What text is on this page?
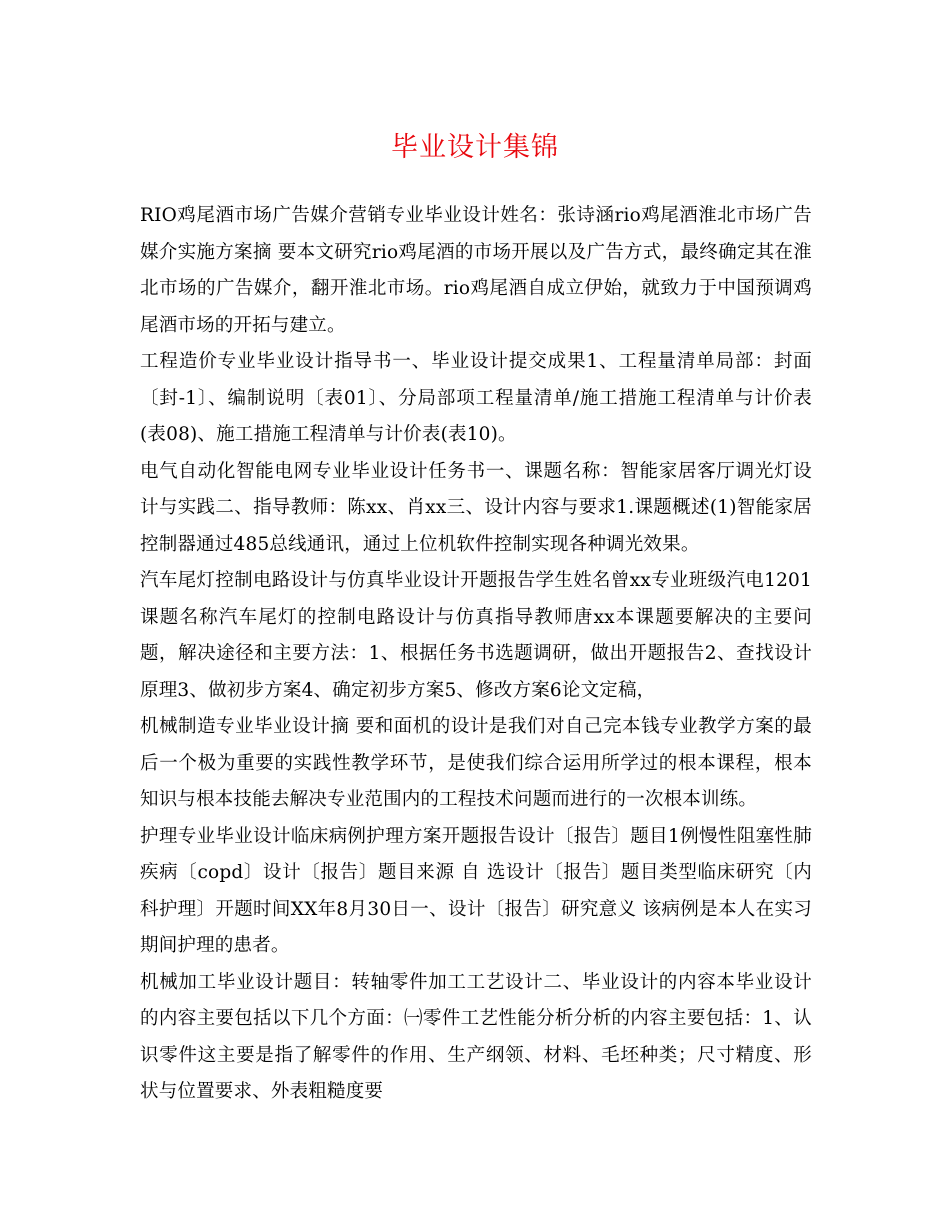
毕业设计集锦

RIO鸡尾酒市场广告媒介营销专业毕业设计姓名：张诗涵rio鸡尾酒淮北市场广告媒介实施方案摘 要本文研究rio鸡尾酒的市场开展以及广告方式，最终确定其在淮北市场的广告媒介，翻开淮北市场。rio鸡尾酒自成立伊始，就致力于中国预调鸡尾酒市场的开拓与建立。

工程造价专业毕业设计指导书一、毕业设计提交成果1、工程量清单局部：封面〔封-1〕、编制说明〔表01〕、分局部项工程量清单/施工措施工程清单与计价表(表08)、施工措施工程清单与计价表(表10)。

电气自动化智能电网专业毕业设计任务书一、课题名称：智能家居客厅调光灯设计与实践二、指导教师：陈xx、肖xx三、设计内容与要求1.课题概述(1)智能家居控制器通过485总线通讯，通过上位机软件控制实现各种调光效果。

汽车尾灯控制电路设计与仿真毕业设计开题报告学生姓名曾xx专业班级汽电1201课题名称汽车尾灯的控制电路设计与仿真指导教师唐xx本课题要解决的主要问题，解决途径和主要方法：1、根据任务书选题调研，做出开题报告2、查找设计原理3、做初步方案4、确定初步方案5、修改方案6论文定稿，

机械制造专业毕业设计摘 要和面机的设计是我们对自己完本钱专业教学方案的最后一个极为重要的实践性教学环节，是使我们综合运用所学过的根本课程，根本知识与根本技能去解决专业范围内的工程技术问题而进行的一次根本训练。

护理专业毕业设计临床病例护理方案开题报告设计〔报告〕题目1例慢性阻塞性肺疾病〔copd〕设计〔报告〕题目来源 自 选设计〔报告〕题目类型临床研究〔内科护理〕开题时间XX年8月30日一、设计〔报告〕研究意义 该病例是本人在实习期间护理的患者。

机械加工毕业设计题目：转轴零件加工工艺设计二、毕业设计的内容本毕业设计的内容主要包括以下几个方面：㈠零件工艺性能分析分析的内容主要包括：1、认识零件这主要是指了解零件的作用、生产纲领、材料、毛坯种类；尺寸精度、形状与位置要求、外表粗糙度要
